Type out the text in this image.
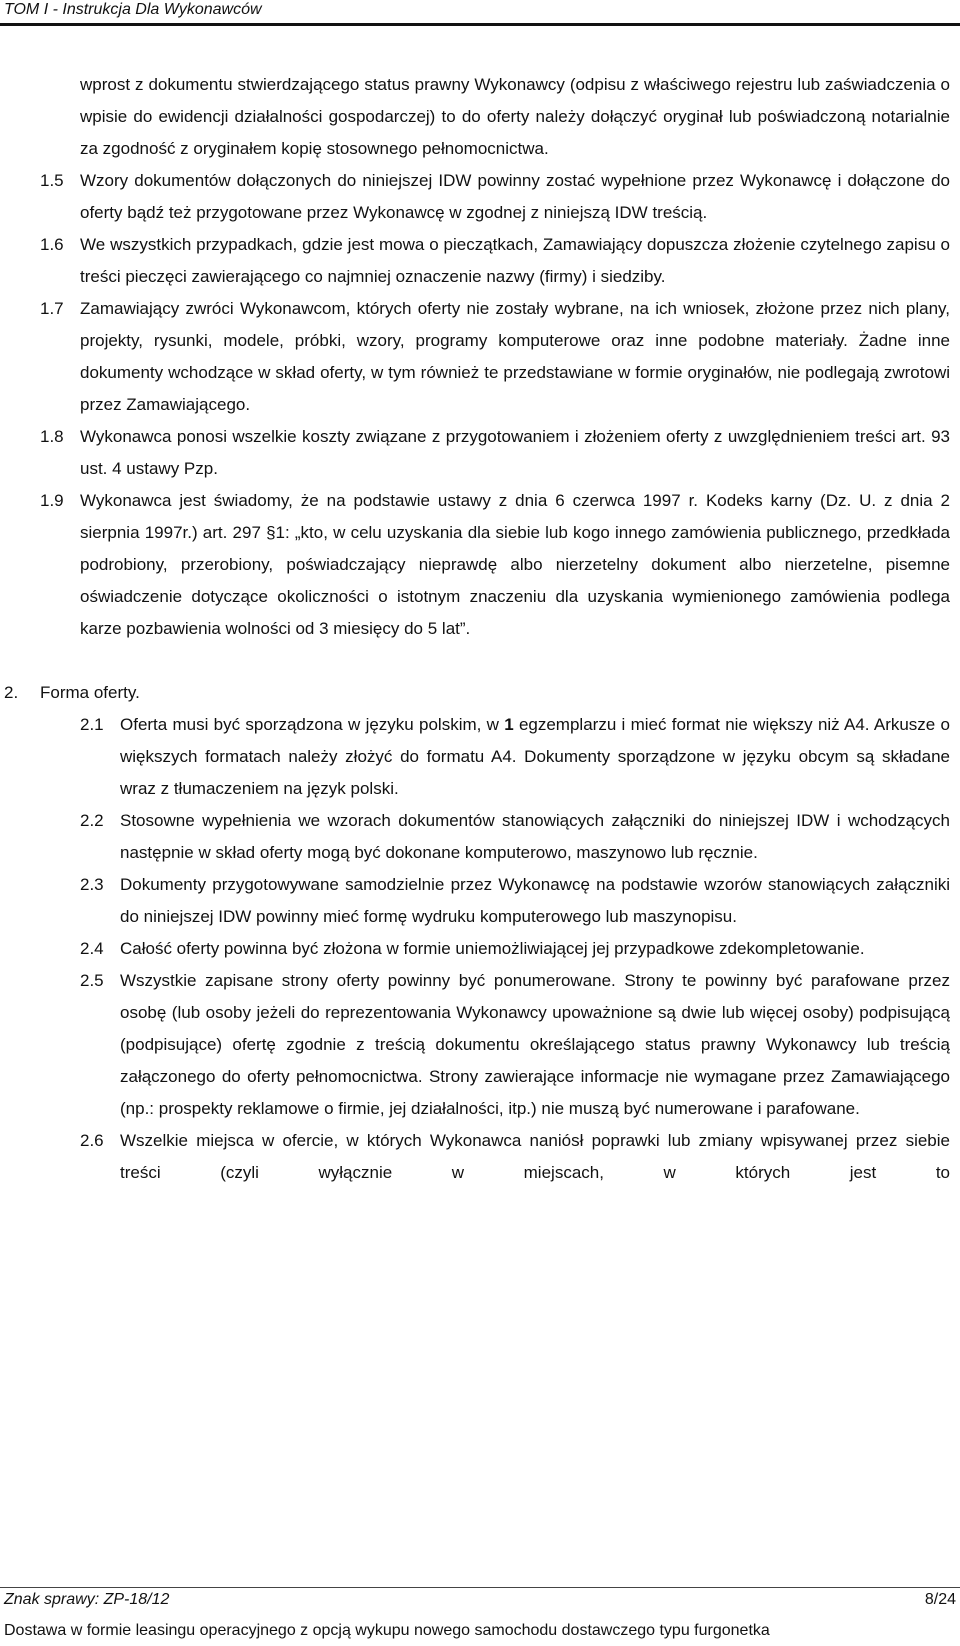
TOM I - Instrukcja Dla Wykonawców

wprost z dokumentu stwierdzającego status prawny Wykonawcy (odpisu z właściwego rejestru lub zaświadczenia o wpisie do ewidencji działalności gospodarczej) to do oferty należy dołączyć oryginał lub poświadczoną notarialnie za zgodność z oryginałem kopię stosownego pełnomocnictwa.

1.5 Wzory dokumentów dołączonych do niniejszej IDW powinny zostać wypełnione przez Wykonawcę i dołączone do oferty bądź też przygotowane przez Wykonawcę w zgodnej z niniejszą IDW treścią.

1.6 We wszystkich przypadkach, gdzie jest mowa o pieczątkach, Zamawiający dopuszcza złożenie czytelnego zapisu o treści pieczęci zawierającego co najmniej oznaczenie nazwy (firmy) i siedziby.

1.7 Zamawiający zwróci Wykonawcom, których oferty nie zostały wybrane, na ich wniosek, złożone przez nich plany, projekty, rysunki, modele, próbki, wzory, programy komputerowe oraz inne podobne materiały. Żadne inne dokumenty wchodzące w skład oferty, w tym również te przedstawiane w formie oryginałów, nie podlegają zwrotowi przez Zamawiającego.

1.8 Wykonawca ponosi wszelkie koszty związane z przygotowaniem i złożeniem oferty z uwzględnieniem treści art. 93 ust. 4 ustawy Pzp.

1.9 Wykonawca jest świadomy, że na podstawie ustawy z dnia 6 czerwca 1997 r. Kodeks karny (Dz. U. z dnia 2 sierpnia 1997r.) art. 297 §1: „kto, w celu uzyskania dla siebie lub kogo innego zamówienia publicznego, przedkłada podrobiony, przerobiony, poświadczający nieprawdę albo nierzetelny dokument albo nierzetelne, pisemne oświadczenie dotyczące okoliczności o istotnym znaczeniu dla uzyskania wymienionego zamówienia podlega karze pozbawienia wolności od 3 miesięcy do 5 lat”.

2. Forma oferty.

2.1 Oferta musi być sporządzona w języku polskim, w 1 egzemplarzu i mieć format nie większy niż A4. Arkusze o większych formatach należy złożyć do formatu A4. Dokumenty sporządzone w języku obcym są składane wraz z tłumaczeniem na język polski.

2.2 Stosowne wypełnienia we wzorach dokumentów stanowiących załączniki do niniejszej IDW i wchodzących następnie w skład oferty mogą być dokonane komputerowo, maszynowo lub ręcznie.

2.3 Dokumenty przygotowywane samodzielnie przez Wykonawcę na podstawie wzorów stanowiących załączniki do niniejszej IDW powinny mieć formę wydruku komputerowego lub maszynopisu.

2.4 Całość oferty powinna być złożona w formie uniemożliwiającej jej przypadkowe zdekompletowanie.

2.5 Wszystkie zapisane strony oferty powinny być ponumerowane. Strony te powinny być parafowane przez osobę (lub osoby jeżeli do reprezentowania Wykonawcy upoważnione są dwie lub więcej osoby) podpisującą (podpisujące) ofertę zgodnie z treścią dokumentu określającego status prawny Wykonawcy lub treścią załączonego do oferty pełnomocnictwa. Strony zawierające informacje nie wymagane przez Zamawiającego (np.: prospekty reklamowe o firmie, jej działalności, itp.) nie muszą być numerowane i parafowane.

2.6 Wszelkie miejsca w ofercie, w których Wykonawca naniósł poprawki lub zmiany wpisywanej przez siebie treści (czyli wyłącznie w miejscach, w których jest to

Znak sprawy: ZP-18/12	8/24
Dostawa w formie leasingu operacyjnego z opcją wykupu nowego samochodu dostawczego typu furgonetka
